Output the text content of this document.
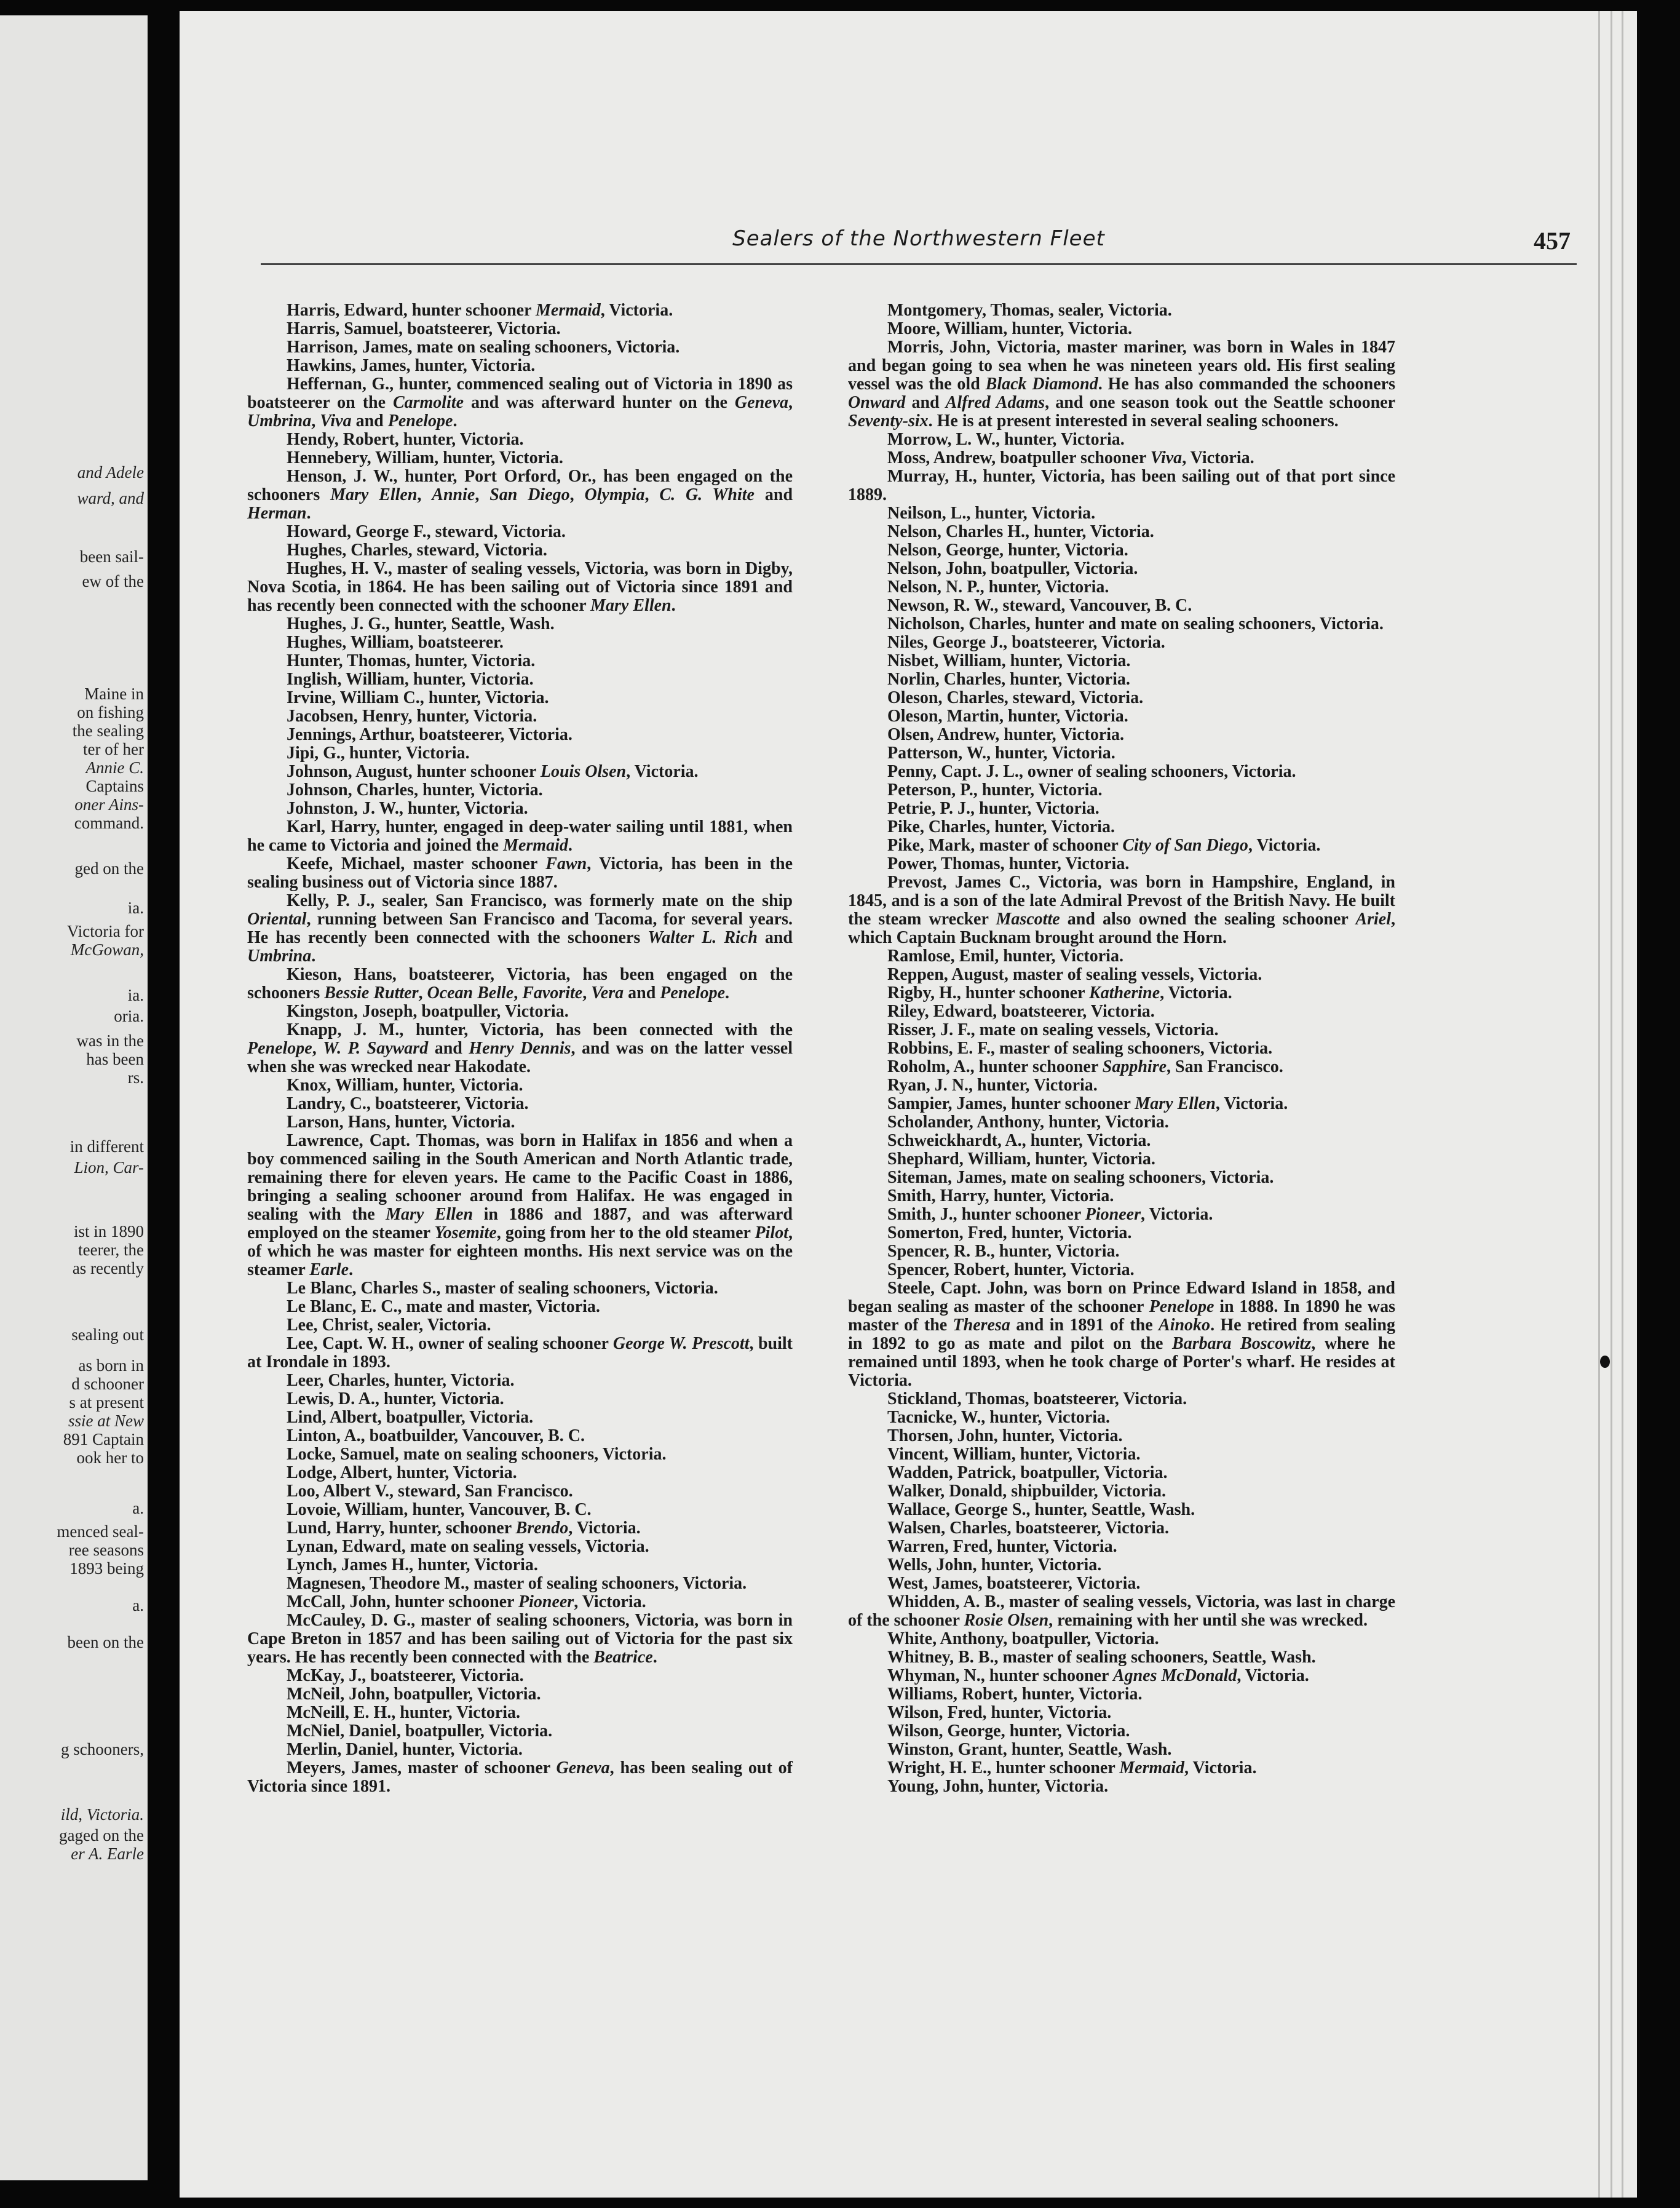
and Adele
ward, and
been sail-
ew of the
Maine in
on fishing
the sealing
ter of her
Annie C.
Captains
oner Ains-
command.
ged on the
ia.
Victoria for
McGowan,
ia.
oria.
was in the
has been
rs.
in different
Lion, Car-
ist in 1890
teerer, the
as recently
sealing out
as born in
d schooner
s at present
ssie at New
891 Captain
ook her to
a.
menced seal-
ree seasons
1893 being
a.
been on the
g schooners,
ild, Victoria.
gaged on the
er A. Earle
Sealers of the Northwestern Fleet	457

Harris, Edward, hunter schooner Mermaid, Victoria.

Harris, Samuel, boatsteerer, Victoria.

Harrison, James, mate on sealing schooners, Victoria.

Hawkins, James, hunter, Victoria.

Heffernan, G., hunter, commenced sealing out of Victoria in 1890 as boatsteerer on the Carmolite and was afterward hunter on the Geneva, Umbrina, Viva and Penelope.

Hendy, Robert, hunter, Victoria.

Hennebery, William, hunter, Victoria.

Henson, J. W., hunter, Port Orford, Or., has been engaged on the schooners Mary Ellen, Annie, San Diego, Olympia, C. G. White and Herman.

Howard, George F., steward, Victoria.

Hughes, Charles, steward, Victoria.

Hughes, H. V., master of sealing vessels, Victoria, was born in Digby, Nova Scotia, in 1864. He has been sailing out of Victoria since 1891 and has recently been connected with the schooner Mary Ellen.

Hughes, J. G., hunter, Seattle, Wash.

Hughes, William, boatsteerer.

Hunter, Thomas, hunter, Victoria.

Inglish, William, hunter, Victoria.

Irvine, William C., hunter, Victoria.

Jacobsen, Henry, hunter, Victoria.

Jennings, Arthur, boatsteerer, Victoria.

Jipi, G., hunter, Victoria.

Johnson, August, hunter schooner Louis Olsen, Victoria.

Johnson, Charles, hunter, Victoria.

Johnston, J. W., hunter, Victoria.

Karl, Harry, hunter, engaged in deep-water sailing until 1881, when he came to Victoria and joined the Mermaid.

Keefe, Michael, master schooner Fawn, Victoria, has been in the sealing business out of Victoria since 1887.

Kelly, P. J., sealer, San Francisco, was formerly mate on the ship Oriental, running between San Francisco and Tacoma, for several years. He has recently been connected with the schooners Walter L. Rich and Umbrina.

Kieson, Hans, boatsteerer, Victoria, has been engaged on the schooners Bessie Rutter, Ocean Belle, Favorite, Vera and Penelope.

Kingston, Joseph, boatpuller, Victoria.

Knapp, J. M., hunter, Victoria, has been connected with the Penelope, W. P. Sayward and Henry Dennis, and was on the latter vessel when she was wrecked near Hakodate.

Knox, William, hunter, Victoria.

Landry, C., boatsteerer, Victoria.

Larson, Hans, hunter, Victoria.

Lawrence, Capt. Thomas, was born in Halifax in 1856 and when a boy commenced sailing in the South American and North Atlantic trade, remaining there for eleven years. He came to the Pacific Coast in 1886, bringing a sealing schooner around from Halifax. He was engaged in sealing with the Mary Ellen in 1886 and 1887, and was afterward employed on the steamer Yosemite, going from her to the old steamer Pilot, of which he was master for eighteen months. His next service was on the steamer Earle.

Le Blanc, Charles S., master of sealing schooners, Victoria.

Le Blanc, E. C., mate and master, Victoria.

Lee, Christ, sealer, Victoria.

Lee, Capt. W. H., owner of sealing schooner George W. Prescott, built at Irondale in 1893.

Leer, Charles, hunter, Victoria.

Lewis, D. A., hunter, Victoria.

Lind, Albert, boatpuller, Victoria.

Linton, A., boatbuilder, Vancouver, B. C.

Locke, Samuel, mate on sealing schooners, Victoria.

Lodge, Albert, hunter, Victoria.

Loo, Albert V., steward, San Francisco.

Lovoie, William, hunter, Vancouver, B. C.

Lund, Harry, hunter, schooner Brendo, Victoria.

Lynan, Edward, mate on sealing vessels, Victoria.

Lynch, James H., hunter, Victoria.

Magnesen, Theodore M., master of sealing schooners, Victoria.

McCall, John, hunter schooner Pioneer, Victoria.

McCauley, D. G., master of sealing schooners, Victoria, was born in Cape Breton in 1857 and has been sailing out of Victoria for the past six years. He has recently been connected with the Beatrice.

McKay, J., boatsteerer, Victoria.

McNeil, John, boatpuller, Victoria.

McNeill, E. H., hunter, Victoria.

McNiel, Daniel, boatpuller, Victoria.

Merlin, Daniel, hunter, Victoria.

Meyers, James, master of schooner Geneva, has been sealing out of Victoria since 1891.

Montgomery, Thomas, sealer, Victoria.

Moore, William, hunter, Victoria.

Morris, John, Victoria, master mariner, was born in Wales in 1847 and began going to sea when he was nineteen years old. His first sealing vessel was the old Black Diamond. He has also commanded the schooners Onward and Alfred Adams, and one season took out the Seattle schooner Seventy-six. He is at present interested in several sealing schooners.

Morrow, L. W., hunter, Victoria.

Moss, Andrew, boatpuller schooner Viva, Victoria.

Murray, H., hunter, Victoria, has been sailing out of that port since 1889.

Neilson, L., hunter, Victoria.

Nelson, Charles H., hunter, Victoria.

Nelson, George, hunter, Victoria.

Nelson, John, boatpuller, Victoria.

Nelson, N. P., hunter, Victoria.

Newson, R. W., steward, Vancouver, B. C.

Nicholson, Charles, hunter and mate on sealing schooners, Victoria.

Niles, George J., boatsteerer, Victoria.

Nisbet, William, hunter, Victoria.

Norlin, Charles, hunter, Victoria.

Oleson, Charles, steward, Victoria.

Oleson, Martin, hunter, Victoria.

Olsen, Andrew, hunter, Victoria.

Patterson, W., hunter, Victoria.

Penny, Capt. J. L., owner of sealing schooners, Victoria.

Peterson, P., hunter, Victoria.

Petrie, P. J., hunter, Victoria.

Pike, Charles, hunter, Victoria.

Pike, Mark, master of schooner City of San Diego, Victoria.

Power, Thomas, hunter, Victoria.

Prevost, James C., Victoria, was born in Hampshire, England, in 1845, and is a son of the late Admiral Prevost of the British Navy. He built the steam wrecker Mascotte and also owned the sealing schooner Ariel, which Captain Bucknam brought around the Horn.

Ramlose, Emil, hunter, Victoria.

Reppen, August, master of sealing vessels, Victoria.

Rigby, H., hunter schooner Katherine, Victoria.

Riley, Edward, boatsteerer, Victoria.

Risser, J. F., mate on sealing vessels, Victoria.

Robbins, E. F., master of sealing schooners, Victoria.

Roholm, A., hunter schooner Sapphire, San Francisco.

Ryan, J. N., hunter, Victoria.

Sampier, James, hunter schooner Mary Ellen, Victoria.

Scholander, Anthony, hunter, Victoria.

Schweickhardt, A., hunter, Victoria.

Shephard, William, hunter, Victoria.

Siteman, James, mate on sealing schooners, Victoria.

Smith, Harry, hunter, Victoria.

Smith, J., hunter schooner Pioneer, Victoria.

Somerton, Fred, hunter, Victoria.

Spencer, R. B., hunter, Victoria.

Spencer, Robert, hunter, Victoria.

Steele, Capt. John, was born on Prince Edward Island in 1858, and began sealing as master of the schooner Penelope in 1888. In 1890 he was master of the Theresa and in 1891 of the Ainoko. He retired from sealing in 1892 to go as mate and pilot on the Barbara Boscowitz, where he remained until 1893, when he took charge of Porter's wharf. He resides at Victoria.

Stickland, Thomas, boatsteerer, Victoria.

Tacnicke, W., hunter, Victoria.

Thorsen, John, hunter, Victoria.

Vincent, William, hunter, Victoria.

Wadden, Patrick, boatpuller, Victoria.

Walker, Donald, shipbuilder, Victoria.

Wallace, George S., hunter, Seattle, Wash.

Walsen, Charles, boatsteerer, Victoria.

Warren, Fred, hunter, Victoria.

Wells, John, hunter, Victoria.

West, James, boatsteerer, Victoria.

Whidden, A. B., master of sealing vessels, Victoria, was last in charge of the schooner Rosie Olsen, remaining with her until she was wrecked.

White, Anthony, boatpuller, Victoria.

Whitney, B. B., master of sealing schooners, Seattle, Wash.

Whyman, N., hunter schooner Agnes McDonald, Victoria.

Williams, Robert, hunter, Victoria.

Wilson, Fred, hunter, Victoria.

Wilson, George, hunter, Victoria.

Winston, Grant, hunter, Seattle, Wash.

Wright, H. E., hunter schooner Mermaid, Victoria.

Young, John, hunter, Victoria.
